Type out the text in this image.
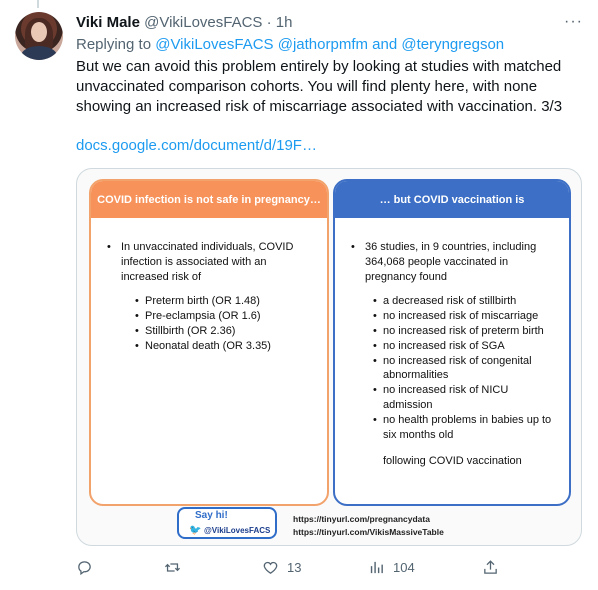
Viki Male @VikiLovesFACS · 1h	···
Replying to @VikiLovesFACS @jathorpmfm and @teryngregson
But we can avoid this problem entirely by looking at studies with matched unvaccinated comparison cohorts. You will find plenty here, with none showing an increased risk of miscarriage associated with vaccination. 3/3
docs.google.com/document/d/19F…
COVID infection is not safe in pregnancy…
• In unvaccinated individuals, COVID infection is associated with an increased risk of
• Preterm birth (OR 1.48)
• Pre-eclampsia (OR 1.6)
• Stillbirth (OR 2.36)
• Neonatal death (OR 3.35)
… but COVID vaccination is
• 36 studies, in 9 countries, including 364,068 people vaccinated in pregnancy found
• a decreased risk of stillbirth
• no increased risk of miscarriage
• no increased risk of preterm birth
• no increased risk of SGA
• no increased risk of congenital abnormalities
• no increased risk of NICU admission
• no health problems in babies up to six months old
following COVID vaccination
Say hi!
🐦 @VikiLovesFACS
https://tinyurl.com/pregnancydata
https://tinyurl.com/VikisMassiveTable
13	104
